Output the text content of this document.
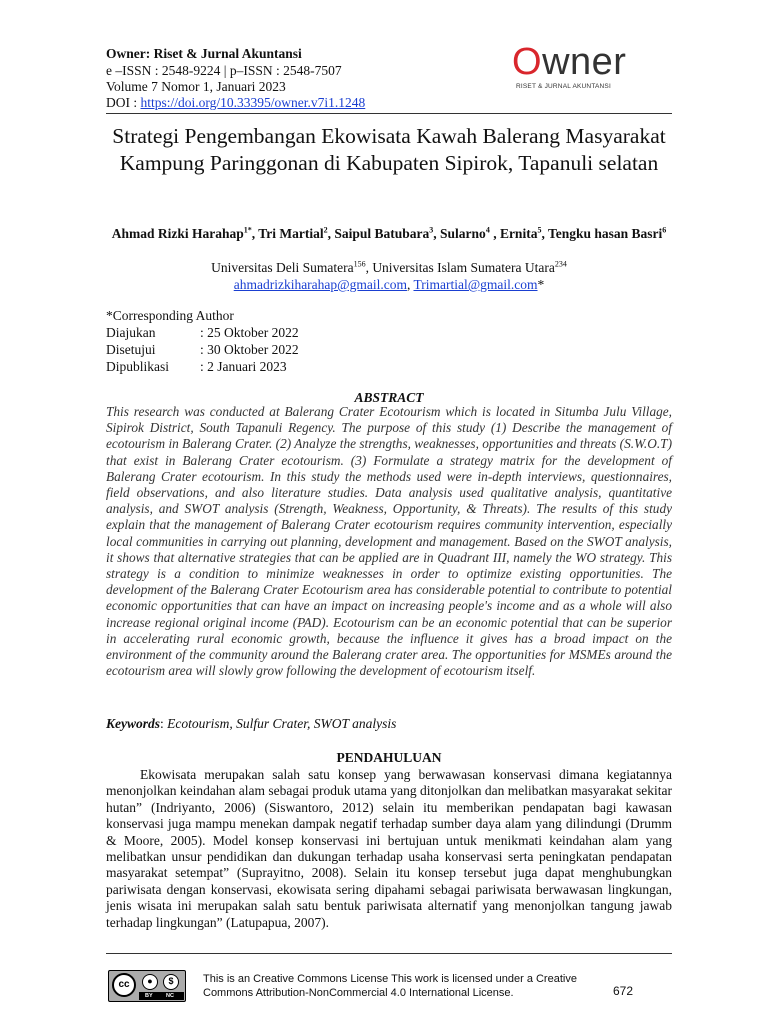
Owner: Riset & Jurnal Akuntansi
e –ISSN : 2548-9224 | p–ISSN : 2548-7507
Volume 7 Nomor 1, Januari 2023
DOI : https://doi.org/10.33395/owner.v7i1.1248
Owner
RISET & JURNAL AKUNTANSI
Strategi Pengembangan Ekowisata Kawah Balerang Masyarakat Kampung Paringgonan di Kabupaten Sipirok, Tapanuli selatan
Ahmad Rizki Harahap$^{1*}$, Tri Martial$^2$, Saipul Batubara$^3$, Sularno$^4$ , Ernita$^5$, Tengku hasan Basri$^6$
Universitas Deli Sumatera$^{156}$, Universitas Islam Sumatera Utara$^{234}$
ahmadrizkiharahap@gmail.com, Trimartial@gmail.com*
*Corresponding Author
Diajukan	: 25 Oktober 2022
Disetujui	: 30 Oktober 2022
Dipublikasi	: 2 Januari 2023
ABSTRACT
This research was conducted at Balerang Crater Ecotourism which is located in Situmba Julu Village, Sipirok District, South Tapanuli Regency. The purpose of this study (1) Describe the management of ecotourism in Balerang Crater. (2) Analyze the strengths, weaknesses, opportunities and threats (S.W.O.T) that exist in Balerang Crater ecotourism. (3) Formulate a strategy matrix for the development of Balerang Crater ecotourism. In this study the methods used were in-depth interviews, questionnaires, field observations, and also literature studies. Data analysis used qualitative analysis, quantitative analysis, and SWOT analysis (Strength, Weakness, Opportunity, & Threats). The results of this study explain that the management of Balerang Crater ecotourism requires community intervention, especially local communities in carrying out planning, development and management. Based on the SWOT analysis, it shows that alternative strategies that can be applied are in Quadrant III, namely the WO strategy. This strategy is a condition to minimize weaknesses in order to optimize existing opportunities. The development of the Balerang Crater Ecotourism area has considerable potential to contribute to potential economic opportunities that can have an impact on increasing people's income and as a whole will also increase regional original income (PAD). Ecotourism can be an economic potential that can be superior in accelerating rural economic growth, because the influence it gives has a broad impact on the environment of the community around the Balerang crater area. The opportunities for MSMEs around the ecotourism area will slowly grow following the development of ecotourism itself.
Keywords: Ecotourism, Sulfur Crater, SWOT analysis
PENDAHULUAN
Ekowisata merupakan salah satu konsep yang berwawasan konservasi dimana kegiatannya menonjolkan keindahan alam sebagai produk utama yang ditonjolkan dan melibatkan masyarakat sekitar hutan” (Indriyanto, 2006) (Siswantoro, 2012) selain itu memberikan pendapatan bagi kawasan konservasi juga mampu menekan dampak negatif terhadap sumber daya alam yang dilindungi (Drumm & Moore, 2005). Model konsep konservasi ini bertujuan untuk menikmati keindahan alam yang melibatkan unsur pendidikan dan dukungan terhadap usaha konservasi serta peningkatan pendapatan masyarakat setempat” (Suprayitno, 2008). Selain itu konsep tersebut juga dapat menghubungkan pariwisata dengan konservasi, ekowisata sering dipahami sebagai pariwisata berwawasan lingkungan, jenis wisata ini merupakan salah satu bentuk pariwisata alternatif yang menonjolkan tangung jawab terhadap lingkungan” (Latupapua, 2007).
cc	●	$
BY NC
This is an Creative Commons License This work is licensed under a Creative
Commons Attribution-NonCommercial 4.0 International License.	672
